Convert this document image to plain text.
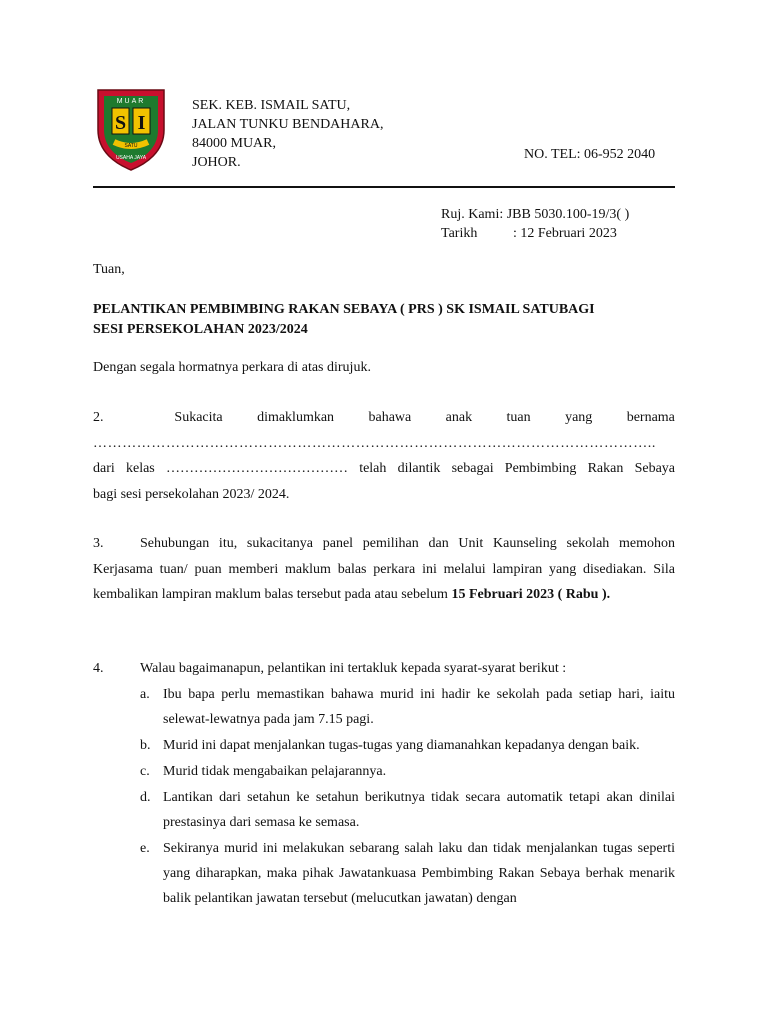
S I
MUAR
SATU
USAHA JAYA
SEK. KEB. ISMAIL SATU,
JALAN TUNKU BENDAHARA,
84000 MUAR,
JOHOR.
NO. TEL: 06-952 2040
Ruj. Kami: JBB 5030.100-19/3( )
Tarikh	: 12 Februari 2023
Tuan,
PELANTIKAN PEMBIMBING RAKAN SEBAYA ( PRS ) SK ISMAIL SATUBAGI
SESI PERSEKOLAHAN 2023/2024
Dengan segala hormatnya perkara di atas dirujuk.
2.	Sukacita dimaklumkan bahawa anak tuan yang bernama
……………………………………………………………………………………………………..
dari kelas ………………………………… telah dilantik sebagai Pembimbing Rakan Sebaya
bagi sesi persekolahan 2023/ 2024.
3.	Sehubungan itu, sukacitanya panel pemilihan dan Unit Kaunseling sekolah memohon Kerjasama tuan/ puan memberi maklum balas perkara ini melalui lampiran yang disediakan. Sila kembalikan lampiran maklum balas tersebut pada atau sebelum 15 Februari 2023 ( Rabu ).
4.	Walau bagaimanapun, pelantikan ini tertakluk kepada syarat-syarat berikut :
a. Ibu bapa perlu memastikan bahawa murid ini hadir ke sekolah pada setiap hari, iaitu selewat-lewatnya pada jam 7.15 pagi.
b. Murid ini dapat menjalankan tugas-tugas yang diamanahkan kepadanya dengan baik.
c. Murid tidak mengabaikan pelajarannya.
d. Lantikan dari setahun ke setahun berikutnya tidak secara automatik tetapi akan dinilai prestasinya dari semasa ke semasa.
e. Sekiranya murid ini melakukan sebarang salah laku dan tidak menjalankan tugas seperti yang diharapkan, maka pihak Jawatankuasa Pembimbing Rakan Sebaya berhak menarik balik pelantikan jawatan tersebut (melucutkan jawatan) dengan
